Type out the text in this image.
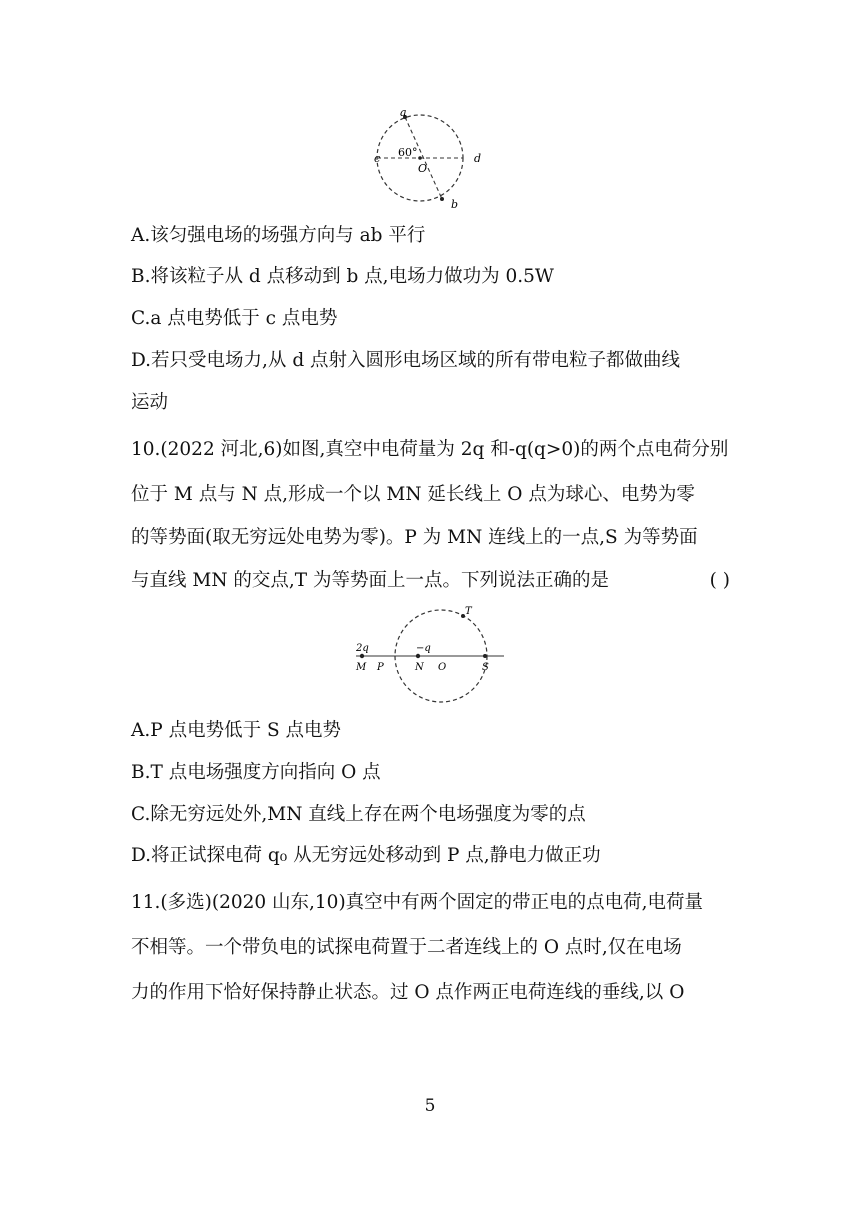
a
b
c	d
O
60°
A.该匀强电场的场强方向与 ab 平行
B.将该粒子从 d 点移动到 b 点,电场力做功为 0.5W
C.a 点电势低于 c 点电势
D.若只受电场力,从 d 点射入圆形电场区域的所有带电粒子都做曲线
运动
10.(2022 河北,6)如图,真空中电荷量为 2q 和-q(q>0)的两个点电荷分别
位于 M 点与 N 点,形成一个以 MN 延长线上 O 点为球心、电势为零
的等势面(取无穷远处电势为零)。P 为 MN 连线上的一点,S 为等势面
与直线 MN 的交点,T 为等势面上一点。下列说法正确的是	( )
2q	−q
M P	N O	S
T
A.P 点电势低于 S 点电势
B.T 点电场强度方向指向 O 点
C.除无穷远处外,MN 直线上存在两个电场强度为零的点
D.将正试探电荷 q₀ 从无穷远处移动到 P 点,静电力做正功
11.(多选)(2020 山东,10)真空中有两个固定的带正电的点电荷,电荷量
不相等。一个带负电的试探电荷置于二者连线上的 O 点时,仅在电场
力的作用下恰好保持静止状态。过 O 点作两正电荷连线的垂线,以 O
5
